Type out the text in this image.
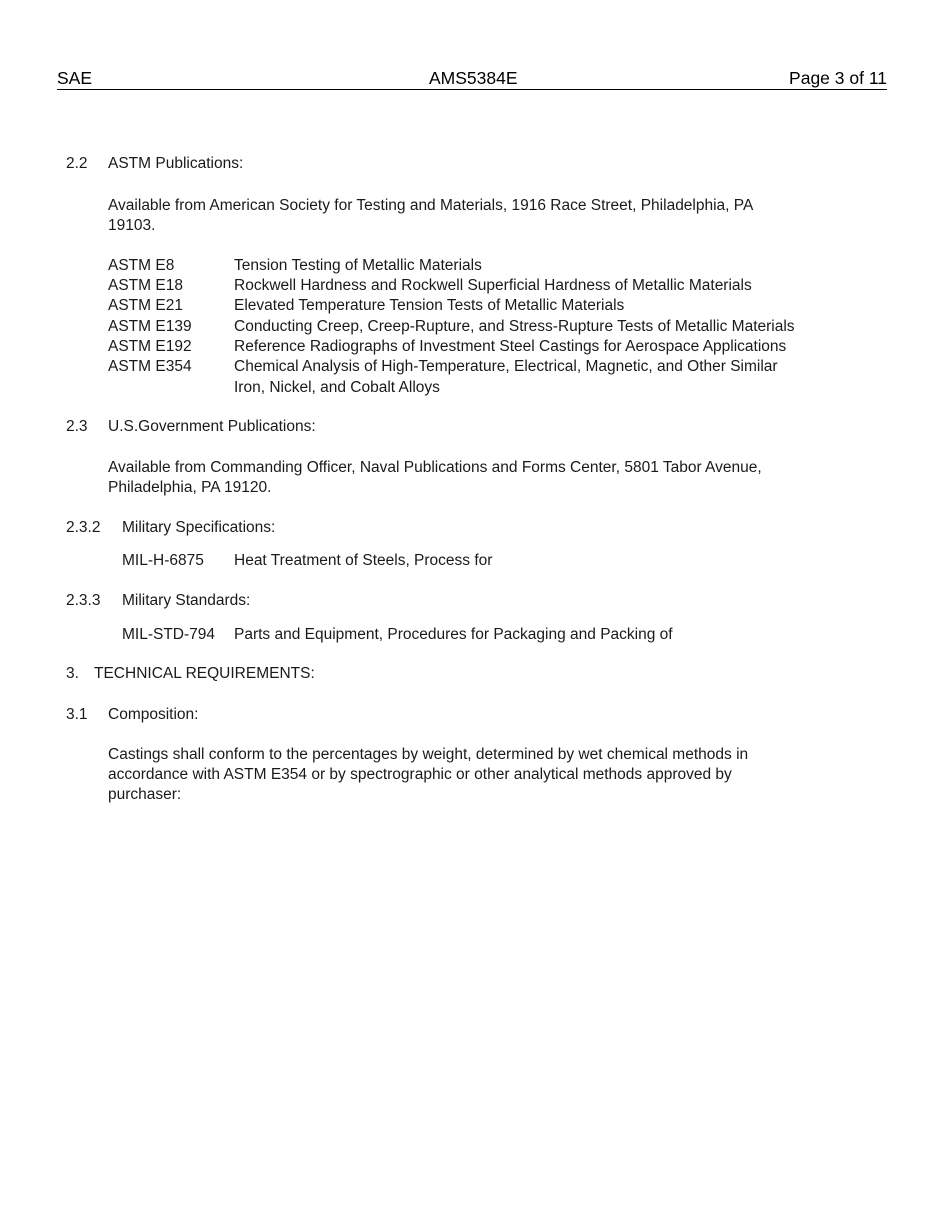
SAE	AMS5384E	Page 3 of 11
2.2 ASTM Publications:
Available from American Society for Testing and Materials, 1916 Race Street, Philadelphia, PA
19103.
ASTM E8	Tension Testing of Metallic Materials
ASTM E18	Rockwell Hardness and Rockwell Superficial Hardness of Metallic Materials
ASTM E21	Elevated Temperature Tension Tests of Metallic Materials
ASTM E139	Conducting Creep, Creep-Rupture, and Stress-Rupture Tests of Metallic Materials
ASTM E192	Reference Radiographs of Investment Steel Castings for Aerospace Applications
ASTM E354	Chemical Analysis of High-Temperature, Electrical, Magnetic, and Other Similar
Iron, Nickel, and Cobalt Alloys
2.3 U.S.Government Publications:
Available from Commanding Officer, Naval Publications and Forms Center, 5801 Tabor Avenue,
Philadelphia, PA 19120.
2.3.2 Military Specifications:
MIL-H-6875 Heat Treatment of Steels, Process for
2.3.3 Military Standards:
MIL-STD-794 Parts and Equipment, Procedures for Packaging and Packing of
3. TECHNICAL REQUIREMENTS:
3.1 Composition:
Castings shall conform to the percentages by weight, determined by wet chemical methods in
accordance with ASTM E354 or by spectrographic or other analytical methods approved by
purchaser:
